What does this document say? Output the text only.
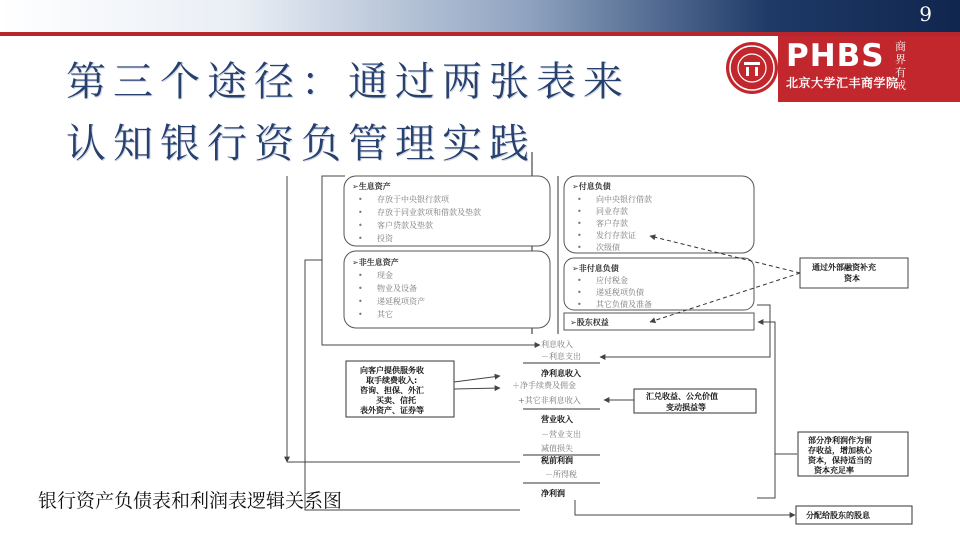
9
PHBS
北京大学汇丰商学院
商界有戒
第三个途径：通过两张表来
认知银行资负管理实践
➢生息资产
• 存放于中央银行款项
• 存放于同业款项和借款及垫款
• 客户贷款及垫款
• 投资
➢非生息资产
• 现金
• 物业及设备
• 递延税项资产
• 其它
➢付息负债
• 向中央银行借款
• 同业存款
• 客户存款
• 发行存款证
• 次级债
➢非付息负债
• 应付税金
• 递延税项负债
• 其它负债及准备
➢股东权益
通过外部融资补充
资本
利息收入
－利息支出
净利息收入
＋净手续费及佣金
+其它非利息收入
营业收入
－营业支出
减值损失
税前利润
－所得税
净利润
向客户提供服务收
取手续费收入:
咨询、担保、外汇
买卖、信托
表外资产、证券等
汇兑收益、公允价值
变动损益等
部分净利润作为留
存收益，增加核心
资本，保持适当的
资本充足率
分配给股东的股息
银行资产负债表和利润表逻辑关系图
